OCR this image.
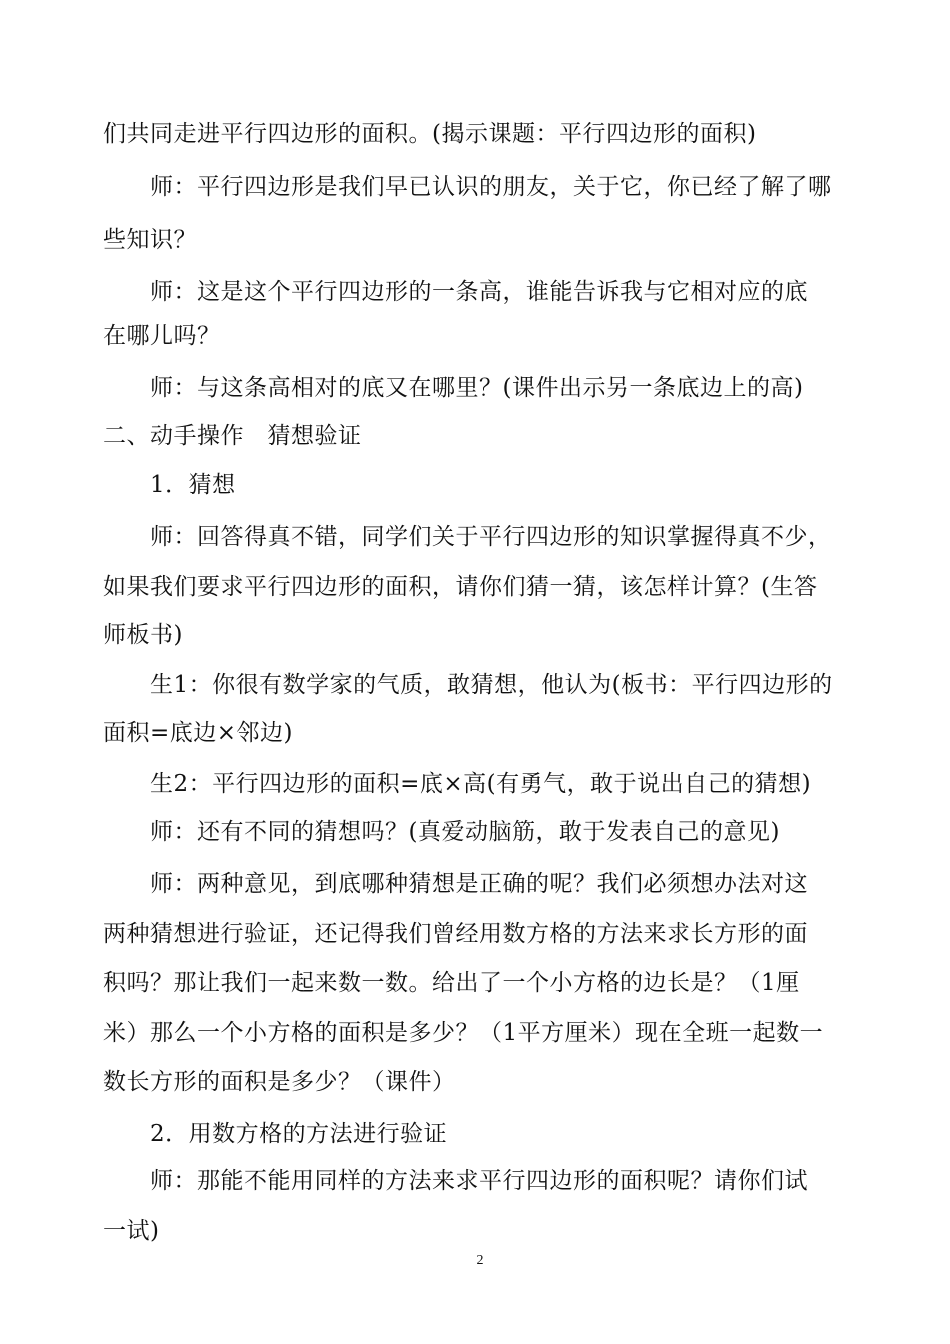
们共同走进平行四边形的面积。(揭示课题：平行四边形的面积)
师：平行四边形是我们早已认识的朋友，关于它，你已经了解了哪
些知识？
师：这是这个平行四边形的一条高，谁能告诉我与它相对应的底
在哪儿吗？
师：与这条高相对的底又在哪里？(课件出示另一条底边上的高)
二、动手操作　猜想验证
1．猜想
师：回答得真不错，同学们关于平行四边形的知识掌握得真不少，
如果我们要求平行四边形的面积，请你们猜一猜，该怎样计算？(生答
师板书)
生1：你很有数学家的气质，敢猜想，他认为(板书：平行四边形的
面积=底边×邻边)
生2：平行四边形的面积=底×高(有勇气，敢于说出自己的猜想)
师：还有不同的猜想吗？(真爱动脑筋，敢于发表自己的意见)
师：两种意见，到底哪种猜想是正确的呢？我们必须想办法对这
两种猜想进行验证，还记得我们曾经用数方格的方法来求长方形的面
积吗？那让我们一起来数一数。给出了一个小方格的边长是？（1厘
米）那么一个小方格的面积是多少？（1平方厘米）现在全班一起数一
数长方形的面积是多少？（课件）
2．用数方格的方法进行验证
师：那能不能用同样的方法来求平行四边形的面积呢？请你们试
一试)
2
